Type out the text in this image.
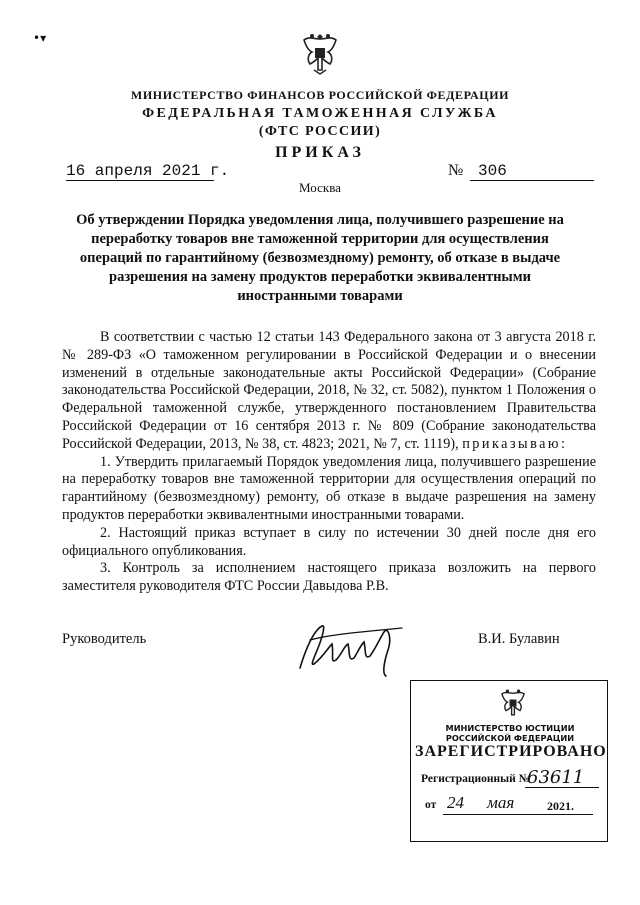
•▾
МИНИСТЕРСТВО ФИНАНСОВ РОССИЙСКОЙ ФЕДЕРАЦИИ
ФЕДЕРАЛЬНАЯ ТАМОЖЕННАЯ СЛУЖБА
(ФТС РОССИИ)
ПРИКАЗ
16 апреля 2021 г.	№ 306
Москва
Об утверждении Порядка уведомления лица, получившего разрешение на
переработку товаров вне таможенной территории для осуществления
операций по гарантийному (безвозмездному) ремонту, об отказе в выдаче
разрешения на замену продуктов переработки эквивалентными
иностранными товарами

В соответствии с частью 12 статьи 143 Федерального закона от 3 августа 2018 г. № 289-ФЗ «О таможенном регулировании в Российской Федерации и о внесении изменений в отдельные законодательные акты Российской Федерации» (Собрание законодательства Российской Федерации, 2018, № 32, ст. 5082), пунктом 1 Положения о Федеральной таможенной службе, утвержденного постановлением Правительства Российской Федерации от 16 сентября 2013 г. № 809 (Собрание законодательства Российской Федерации, 2013, № 38, ст. 4823; 2021, № 7, ст. 1119), приказываю:

1. Утвердить прилагаемый Порядок уведомления лица, получившего разрешение на переработку товаров вне таможенной территории для осуществления операций по гарантийному (безвозмездному) ремонту, об отказе в выдаче разрешения на замену продуктов переработки эквивалентными иностранными товарами.

2. Настоящий приказ вступает в силу по истечении 30 дней после дня его официального опубликования.

3. Контроль за исполнением настоящего приказа возложить на первого заместителя руководителя ФТС России Давыдова Р.В.

Руководитель	В.И. Булавин
МИНИСТЕРСТВО ЮСТИЦИИ РОССИЙСКОЙ ФЕДЕРАЦИИ
ЗАРЕГИСТРИРОВАНО
Регистрационный №
63611
от 24 мая	2021.
